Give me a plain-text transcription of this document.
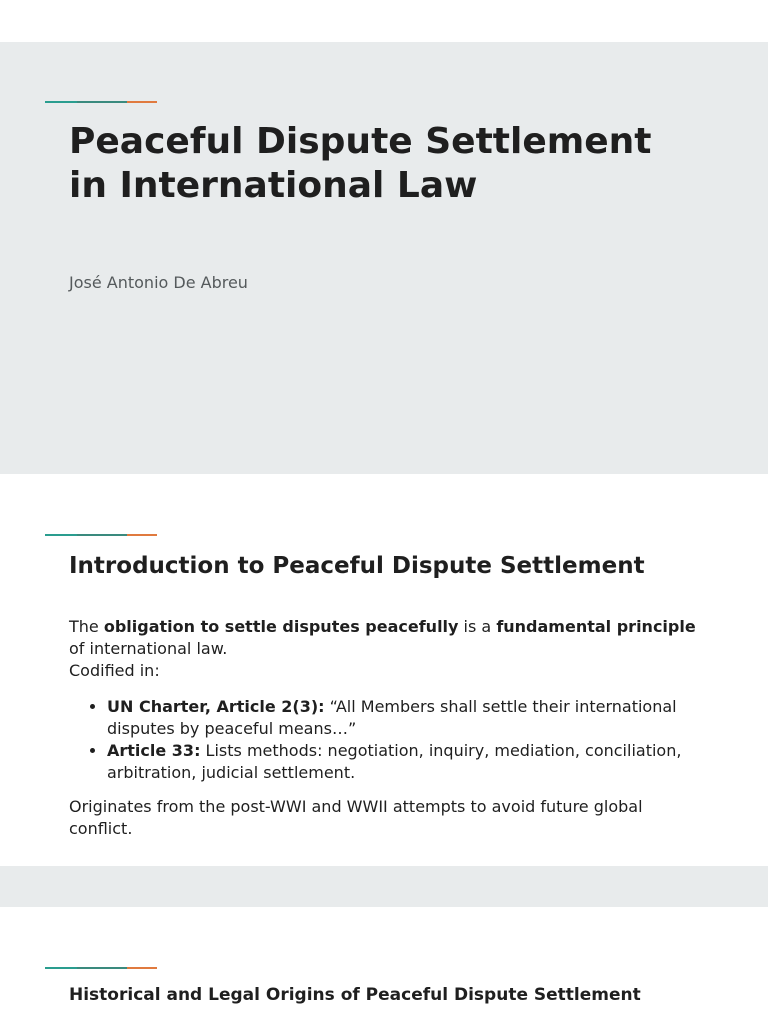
Peaceful Dispute Settlement
in International Law

José Antonio De Abreu

Introduction to Peaceful Dispute Settlement

The obligation to settle disputes peacefully is a fundamental principle of international law.
Codified in:

• UN Charter, Article 2(3): “All Members shall settle their international disputes by peaceful means…”
• Article 33: Lists methods: negotiation, inquiry, mediation, conciliation, arbitration, judicial settlement.

Originates from the post-WWI and WWII attempts to avoid future global conflict.

Historical and Legal Origins of Peaceful Dispute Settlement
